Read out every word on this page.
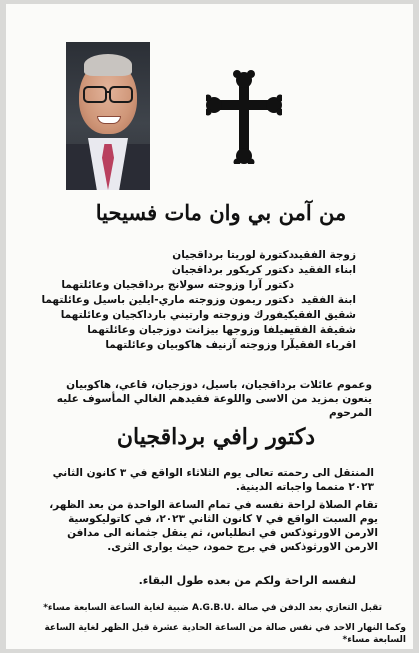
من آمن بي وان مات فسيحيا
زوجة الفقيد
دكتورة لوريتا برداقجيان
ابناء الفقيد
دكتور كريكور برداقجيان
دكتور آرا وزوجته سولانج برداقجيان وعائلتهما
ابنة الفقيد
دكتور ريمون وزوجته ماري-ايلين باسيل وعائلتهما
شقيق الفقيد
كيفورك وزوجته وارتيني بارداكجيان وعائلتهما
شقيقة الفقيد
سيلفا وزوجها بيزانت دوزجيان وعائلتهما
اقرباء الفقيد
آرا وزوجته آزنيف هاكوبيان وعائلتهما
وعموم عائلات برداقجيان، باسيل، دوزجيان، قاعي، هاكوبيان ينعون بمزيد من الاسى واللوعة فقيدهم الغالي المأسوف عليه المرحوم
دكتور رافي برداقجيان
المنتقل الى رحمته تعالى يوم الثلاثاء الواقع في ٣ كانون الثاني ٢٠٢٣ متمما واجباته الدينية.
تقام الصلاة لراحة نفسه في تمام الساعة الواحدة من بعد الظهر، يوم السبت الواقع في ٧ كانون الثاني ٢٠٢٣، في كاتوليكوسية الارمن الاورثوذكس في انطلياس، ثم ينقل جثمانه الى مدافن الارمن الاورثوذكس في برج حمود، حيث يوارى الثرى.
لنفسه الراحة ولكم من بعده طول البقاء.
تقبل التعازي بعد الدفن في صالة .A.G.B.U ضبية لغاية الساعة السابعة مساء*
وكما النهار الاحد في نفس صالة من الساعة الحادية عشرة قبل الظهر لغاية الساعة السابعة مساء*
